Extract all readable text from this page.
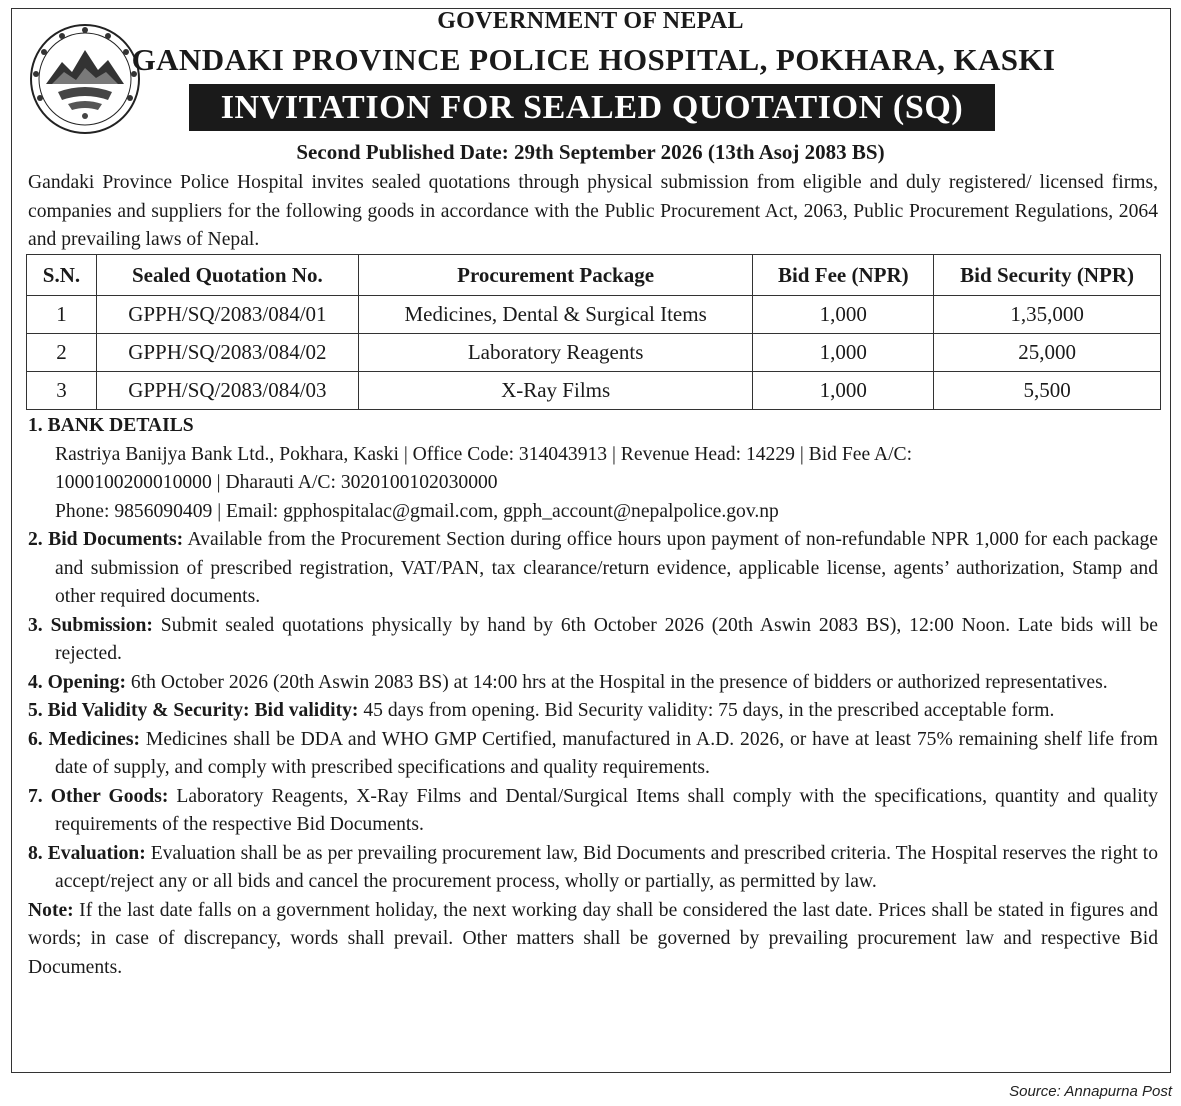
GOVERNMENT OF NEPAL
GANDAKI PROVINCE POLICE HOSPITAL, POKHARA, KASKI
INVITATION FOR SEALED QUOTATION (SQ)
Second Published Date: 29th September 2026 (13th Asoj 2083 BS)
Gandaki Province Police Hospital invites sealed quotations through physical submission from eligible and duly registered/ licensed firms, companies and suppliers for the following goods in accordance with the Public Procurement Act, 2063, Public Procurement Regulations, 2064 and prevailing laws of Nepal.
S.N.	Sealed Quotation No.	Procurement Package	Bid Fee (NPR)	Bid Security (NPR)
1	GPPH/SQ/2083/084/01	Medicines, Dental & Surgical Items	1,000	1,35,000
2	GPPH/SQ/2083/084/02	Laboratory Reagents	1,000	25,000
3	GPPH/SQ/2083/084/03	X-Ray Films	1,000	5,500
1. BANK DETAILS
Rastriya Banijya Bank Ltd., Pokhara, Kaski | Office Code: 314043913 | Revenue Head: 14229 | Bid Fee A/C:
1000100200010000 | Dharauti A/C: 3020100102030000
Phone: 9856090409 | Email: gpphospitalac@gmail.com, gpph_account@nepalpolice.gov.np

2. Bid Documents: Available from the Procurement Section during office hours upon payment of non-refundable NPR 1,000 for each package and submission of prescribed registration, VAT/PAN, tax clearance/return evidence, applicable license, agents’ authorization, Stamp and other required documents.

3. Submission: Submit sealed quotations physically by hand by 6th October 2026 (20th Aswin 2083 BS), 12:00 Noon. Late bids will be rejected.

4. Opening: 6th October 2026 (20th Aswin 2083 BS) at 14:00 hrs at the Hospital in the presence of bidders or authorized representatives.

5. Bid Validity & Security: Bid validity: 45 days from opening. Bid Security validity: 75 days, in the prescribed acceptable form.

6. Medicines: Medicines shall be DDA and WHO GMP Certified, manufactured in A.D. 2026, or have at least 75% remaining shelf life from date of supply, and comply with prescribed specifications and quality requirements.

7. Other Goods: Laboratory Reagents, X-Ray Films and Dental/Surgical Items shall comply with the specifications, quantity and quality requirements of the respective Bid Documents.

8. Evaluation: Evaluation shall be as per prevailing procurement law, Bid Documents and prescribed criteria. The Hospital reserves the right to accept/reject any or all bids and cancel the procurement process, wholly or partially, as permitted by law.

Note: If the last date falls on a government holiday, the next working day shall be considered the last date. Prices shall be stated in figures and words; in case of discrepancy, words shall prevail. Other matters shall be governed by prevailing procurement law and respective Bid Documents.

Source: Annapurna Post
